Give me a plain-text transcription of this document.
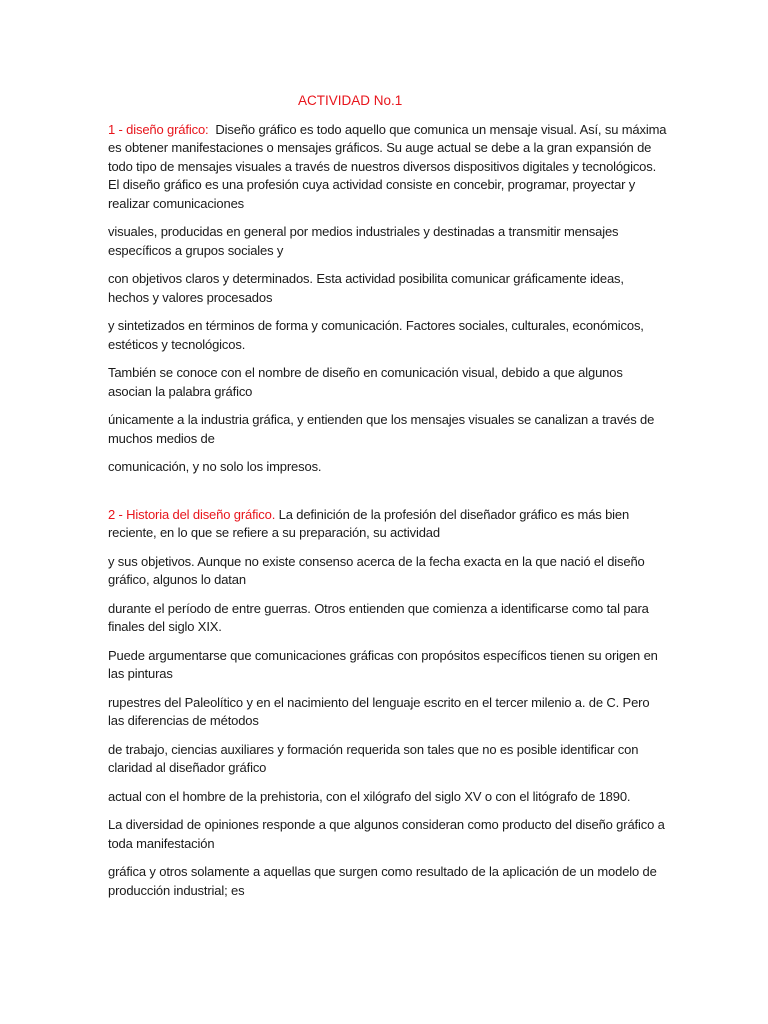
ACTIVIDAD No.1

1 - diseño gráfico: Diseño gráfico es todo aquello que comunica un mensaje visual. Así, su máxima es obtener manifestaciones o mensajes gráficos. Su auge actual se debe a la gran expansión de todo tipo de mensajes visuales a través de nuestros diversos dispositivos digitales y tecnológicos.

El diseño gráfico es una profesión cuya actividad consiste en concebir, programar, proyectar y realizar comunicaciones

visuales, producidas en general por medios industriales y destinadas a transmitir mensajes específicos a grupos sociales y

con objetivos claros y determinados. Esta actividad posibilita comunicar gráficamente ideas, hechos y valores procesados

y sintetizados en términos de forma y comunicación. Factores sociales, culturales, económicos, estéticos y tecnológicos.

También se conoce con el nombre de diseño en comunicación visual, debido a que algunos asocian la palabra gráfico

únicamente a la industria gráfica, y entienden que los mensajes visuales se canalizan a través de muchos medios de

comunicación, y no solo los impresos.

2 - Historia del diseño gráfico. La definición de la profesión del diseñador gráfico es más bien reciente, en lo que se refiere a su preparación, su actividad

y sus objetivos. Aunque no existe consenso acerca de la fecha exacta en la que nació el diseño gráfico, algunos lo datan

durante el período de entre guerras. Otros entienden que comienza a identificarse como tal para finales del siglo XIX.

Puede argumentarse que comunicaciones gráficas con propósitos específicos tienen su origen en las pinturas

rupestres del Paleolítico y en el nacimiento del lenguaje escrito en el tercer milenio a. de C. Pero las diferencias de métodos

de trabajo, ciencias auxiliares y formación requerida son tales que no es posible identificar con claridad al diseñador gráfico

actual con el hombre de la prehistoria, con el xilógrafo del siglo XV o con el litógrafo de 1890.

La diversidad de opiniones responde a que algunos consideran como producto del diseño gráfico a toda manifestación

gráfica y otros solamente a aquellas que surgen como resultado de la aplicación de un modelo de producción industrial; es
